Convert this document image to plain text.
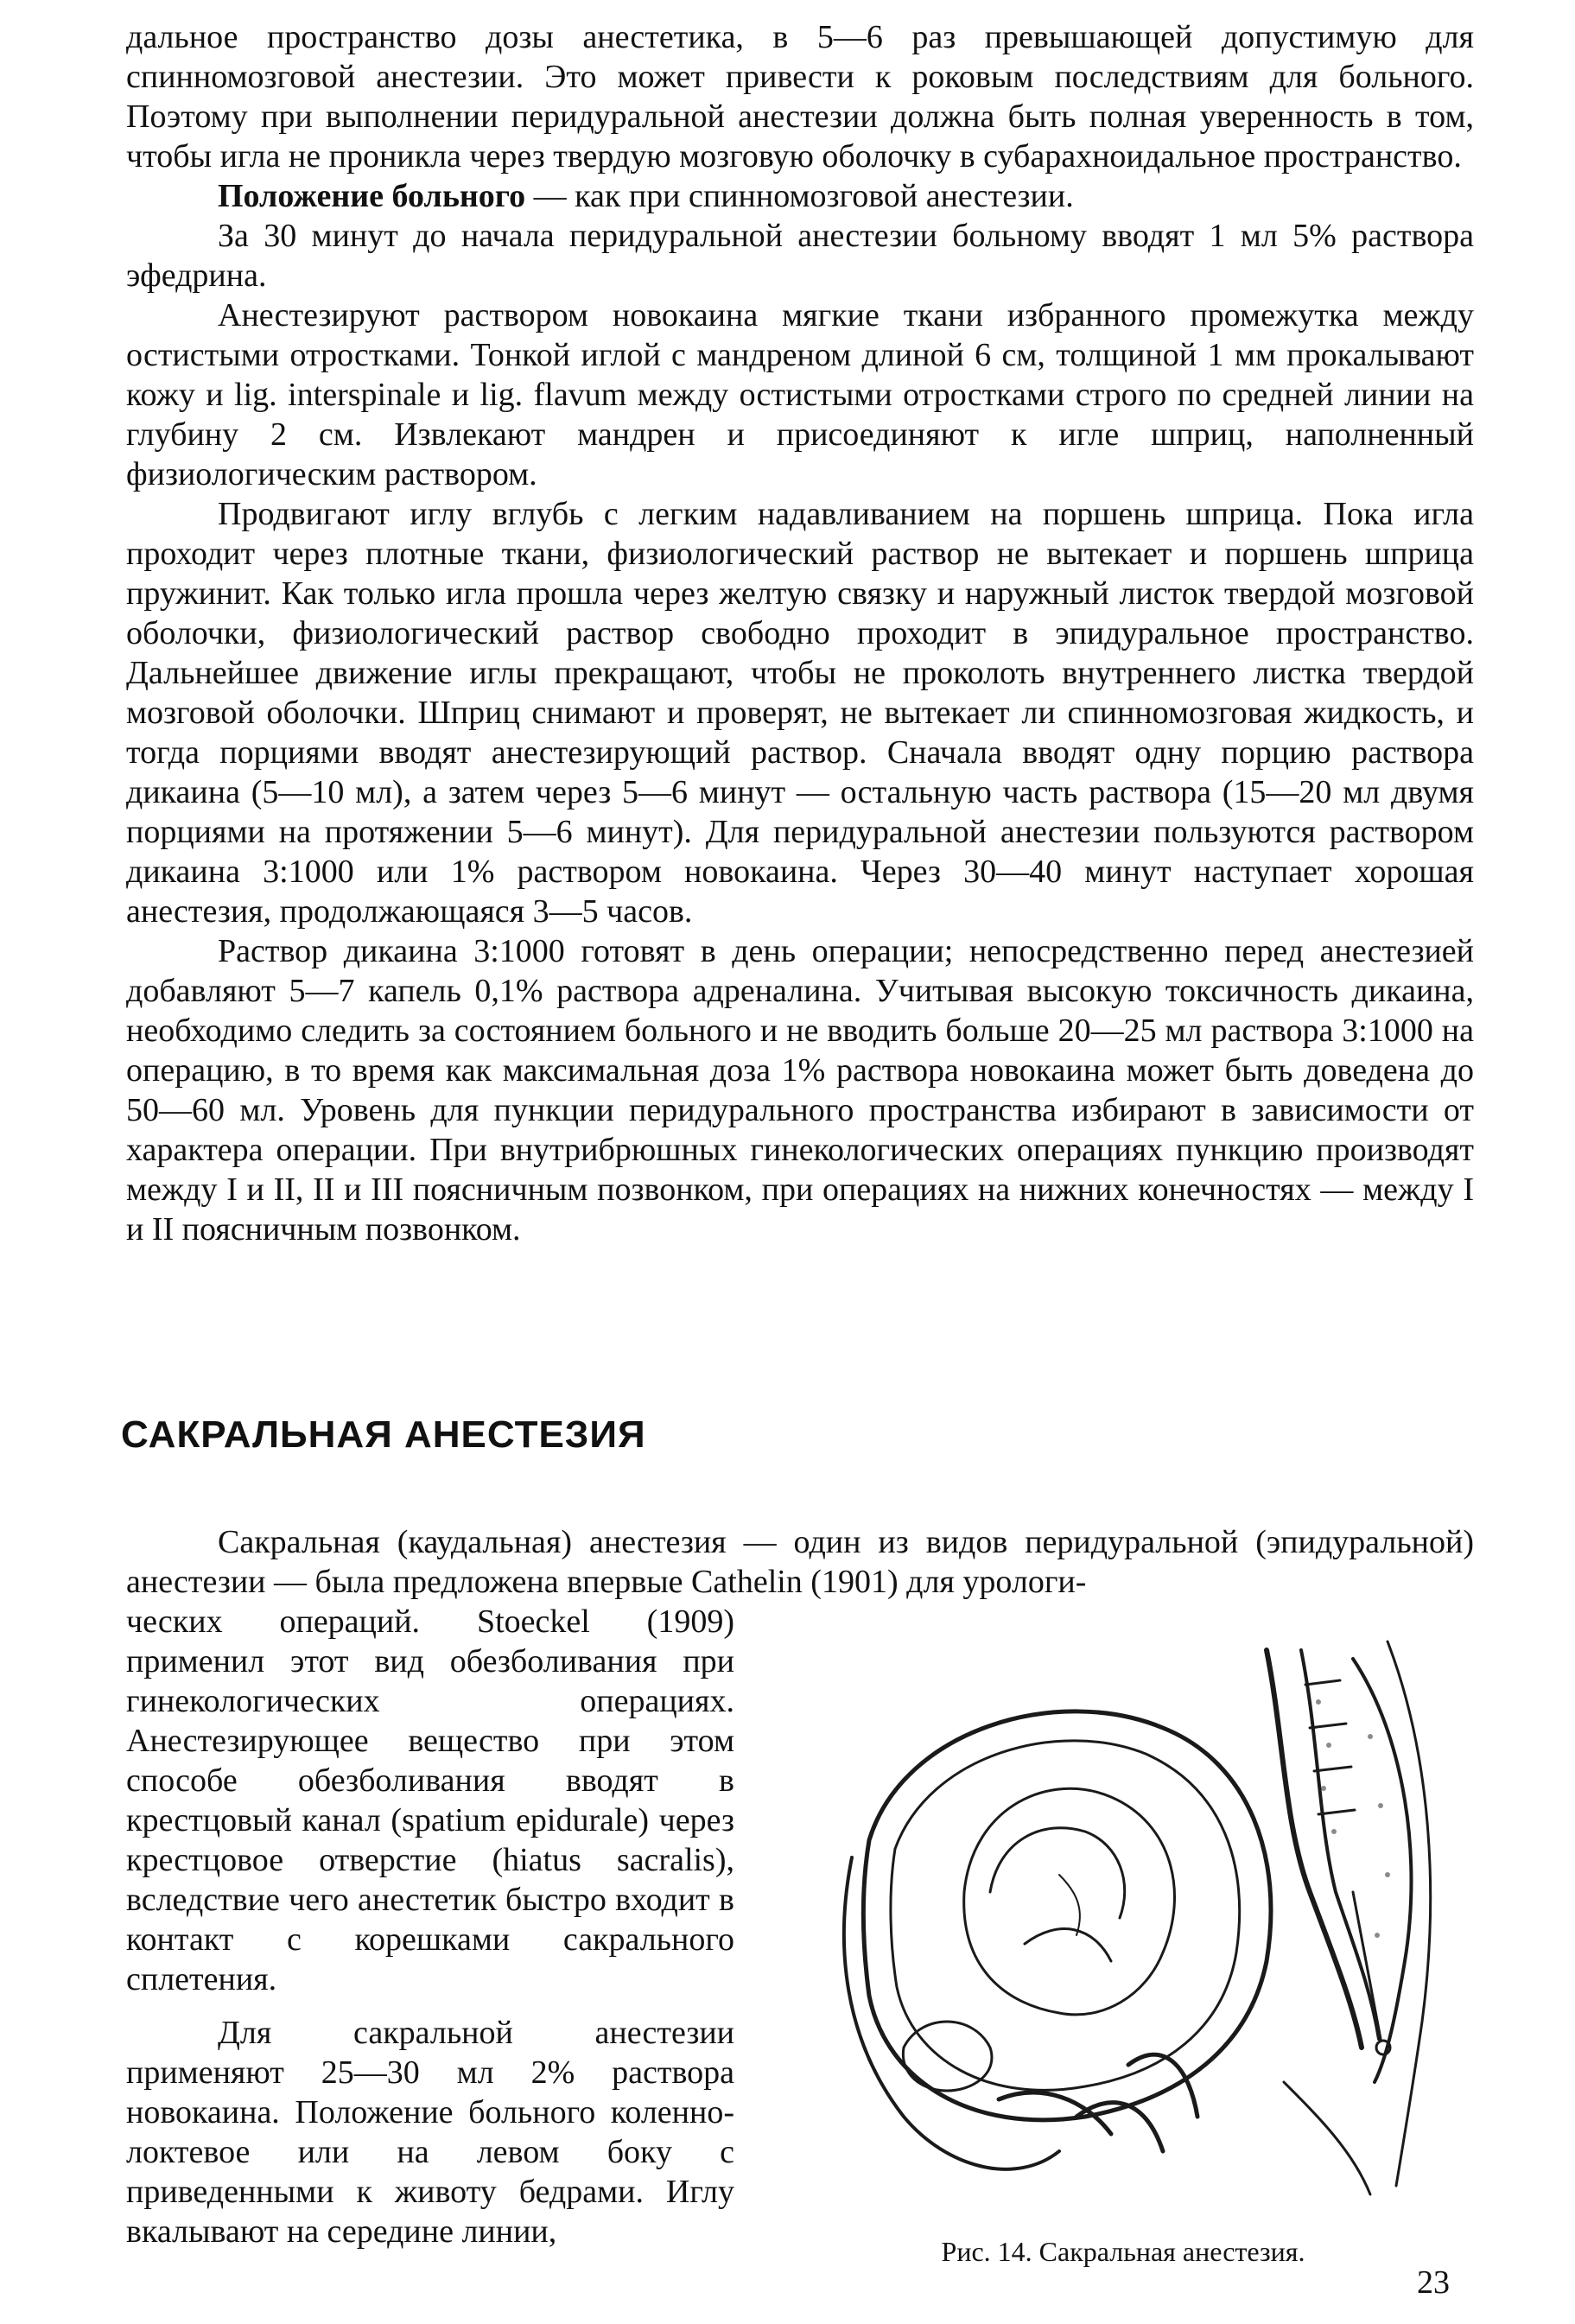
дальное пространство дозы анестетика, в 5—6 раз превышающей допустимую для спинномозговой анестезии. Это может привести к роковым последствиям для больного. Поэтому при выполнении перидуральной анестезии должна быть полная уверенность в том, чтобы игла не проникла через твердую мозговую оболочку в субарахноидальное пространство.

Положение больного — как при спинномозговой анестезии.

За 30 минут до начала перидуральной анестезии больному вводят 1 мл 5% раствора эфедрина.

Анестезируют раствором новокаина мягкие ткани избранного промежутка между остистыми отростками. Тонкой иглой с мандреном длиной 6 см, толщиной 1 мм прокалывают кожу и lig. interspinale и lig. flavum между остистыми отростками строго по средней линии на глубину 2 см. Извлекают мандрен и присоединяют к игле шприц, наполненный физиологическим раствором.

Продвигают иглу вглубь с легким надавливанием на поршень шприца. Пока игла проходит через плотные ткани, физиологический раствор не вытекает и поршень шприца пружинит. Как только игла прошла через желтую связку и наружный листок твердой мозговой оболочки, физиологический раствор свободно проходит в эпидуральное пространство. Дальнейшее движение иглы прекращают, чтобы не проколоть внутреннего листка твердой мозговой оболочки. Шприц снимают и проверят, не вытекает ли спинномозговая жидкость, и тогда порциями вводят анестезирующий раствор. Сначала вводят одну порцию раствора дикаина (5—10 мл), а затем через 5—6 минут — остальную часть раствора (15—20 мл двумя порциями на протяжении 5—6 минут). Для перидуральной анестезии пользуются раствором дикаина 3:1000 или 1% раствором новокаина. Через 30—40 минут наступает хорошая анестезия, продолжающаяся 3—5 часов.

Раствор дикаина 3:1000 готовят в день операции; непосредственно перед анестезией добавляют 5—7 капель 0,1% раствора адреналина. Учитывая высокую токсичность дикаина, необходимо следить за состоянием больного и не вводить больше 20—25 мл раствора 3:1000 на операцию, в то время как максимальная доза 1% раствора новокаина может быть доведена до 50—60 мл. Уровень для пункции перидурального пространства избирают в зависимости от характера операции. При внутрибрюшных гинекологических операциях пункцию производят между I и II, II и III поясничным позвонком, при операциях на нижних конечностях — между I и II поясничным позвонком.

САКРАЛЬНАЯ АНЕСТЕЗИЯ

Сакральная (каудальная) анестезия — один из видов перидуральной (эпидуральной) анестезии — была предложена впервые Cathelin (1901) для урологи-

ческих операций. Stoeckel (1909) применил этот вид обезболивания при гинекологических операциях. Анестезирующее вещество при этом способе обезболивания вводят в крестцовый канал (spatium epidurale) через крестцовое отверстие (hiatus sacralis), вследствие чего анестетик быстро входит в контакт с корешками сакрального сплетения.

Для сакральной анестезии применяют 25—30 мл 2% раствора новокаина. Положение больного коленно-локтевое или на левом боку с приведенными к животу бедрами. Иглу вкалывают на середине линии,

Рис. 14. Сакральная анестезия.
23
